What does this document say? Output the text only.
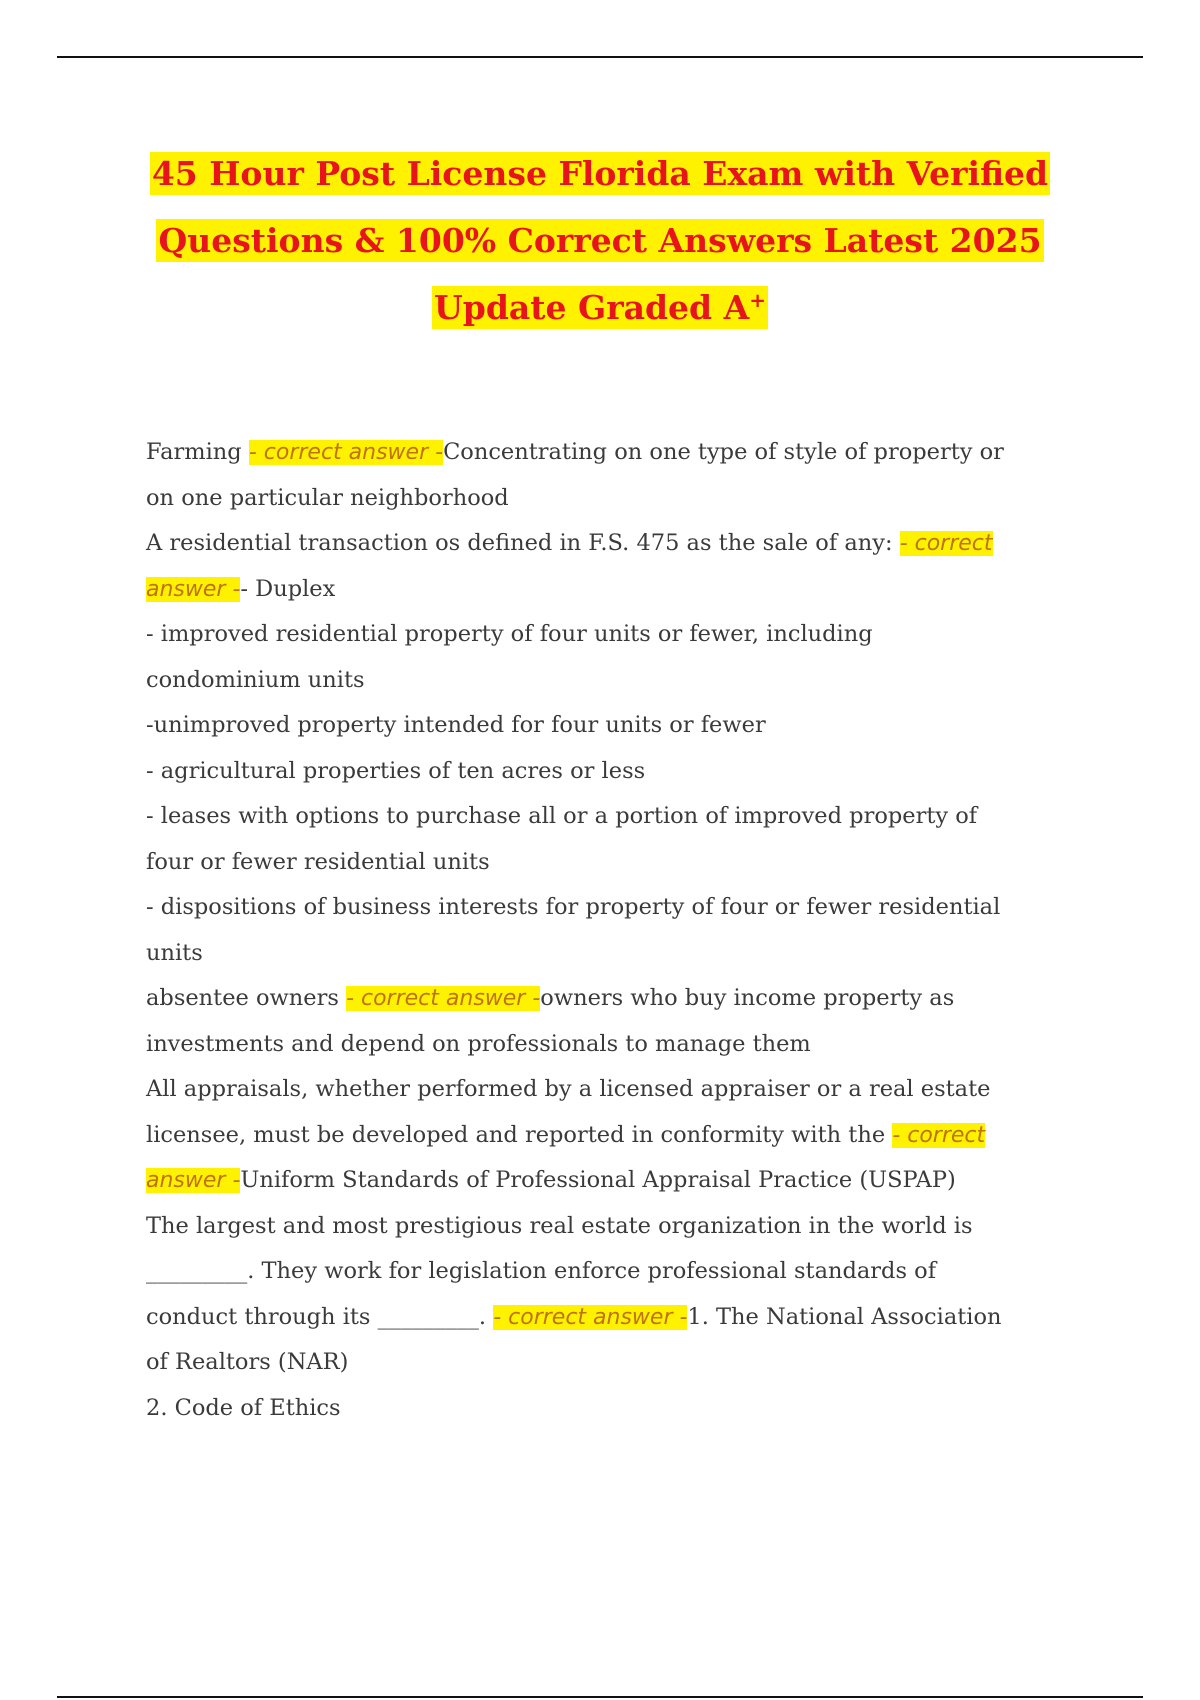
45 Hour Post License Florida Exam with Verified
Questions & 100% Correct Answers Latest 2025
Update Graded A+
Farming - correct answer -Concentrating on one type of style of property or
on one particular neighborhood
A residential transaction os defined in F.S. 475 as the sale of any: - correct
answer -- Duplex
- improved residential property of four units or fewer, including
condominium units
-unimproved property intended for four units or fewer
- agricultural properties of ten acres or less
- leases with options to purchase all or a portion of improved property of
four or fewer residential units
- dispositions of business interests for property of four or fewer residential
units
absentee owners - correct answer -owners who buy income property as
investments and depend on professionals to manage them
All appraisals, whether performed by a licensed appraiser or a real estate
licensee, must be developed and reported in conformity with the - correct
answer -Uniform Standards of Professional Appraisal Practice (USPAP)
The largest and most prestigious real estate organization in the world is
_________. They work for legislation enforce professional standards of
conduct through its _________. - correct answer -1. The National Association
of Realtors (NAR)
2. Code of Ethics
